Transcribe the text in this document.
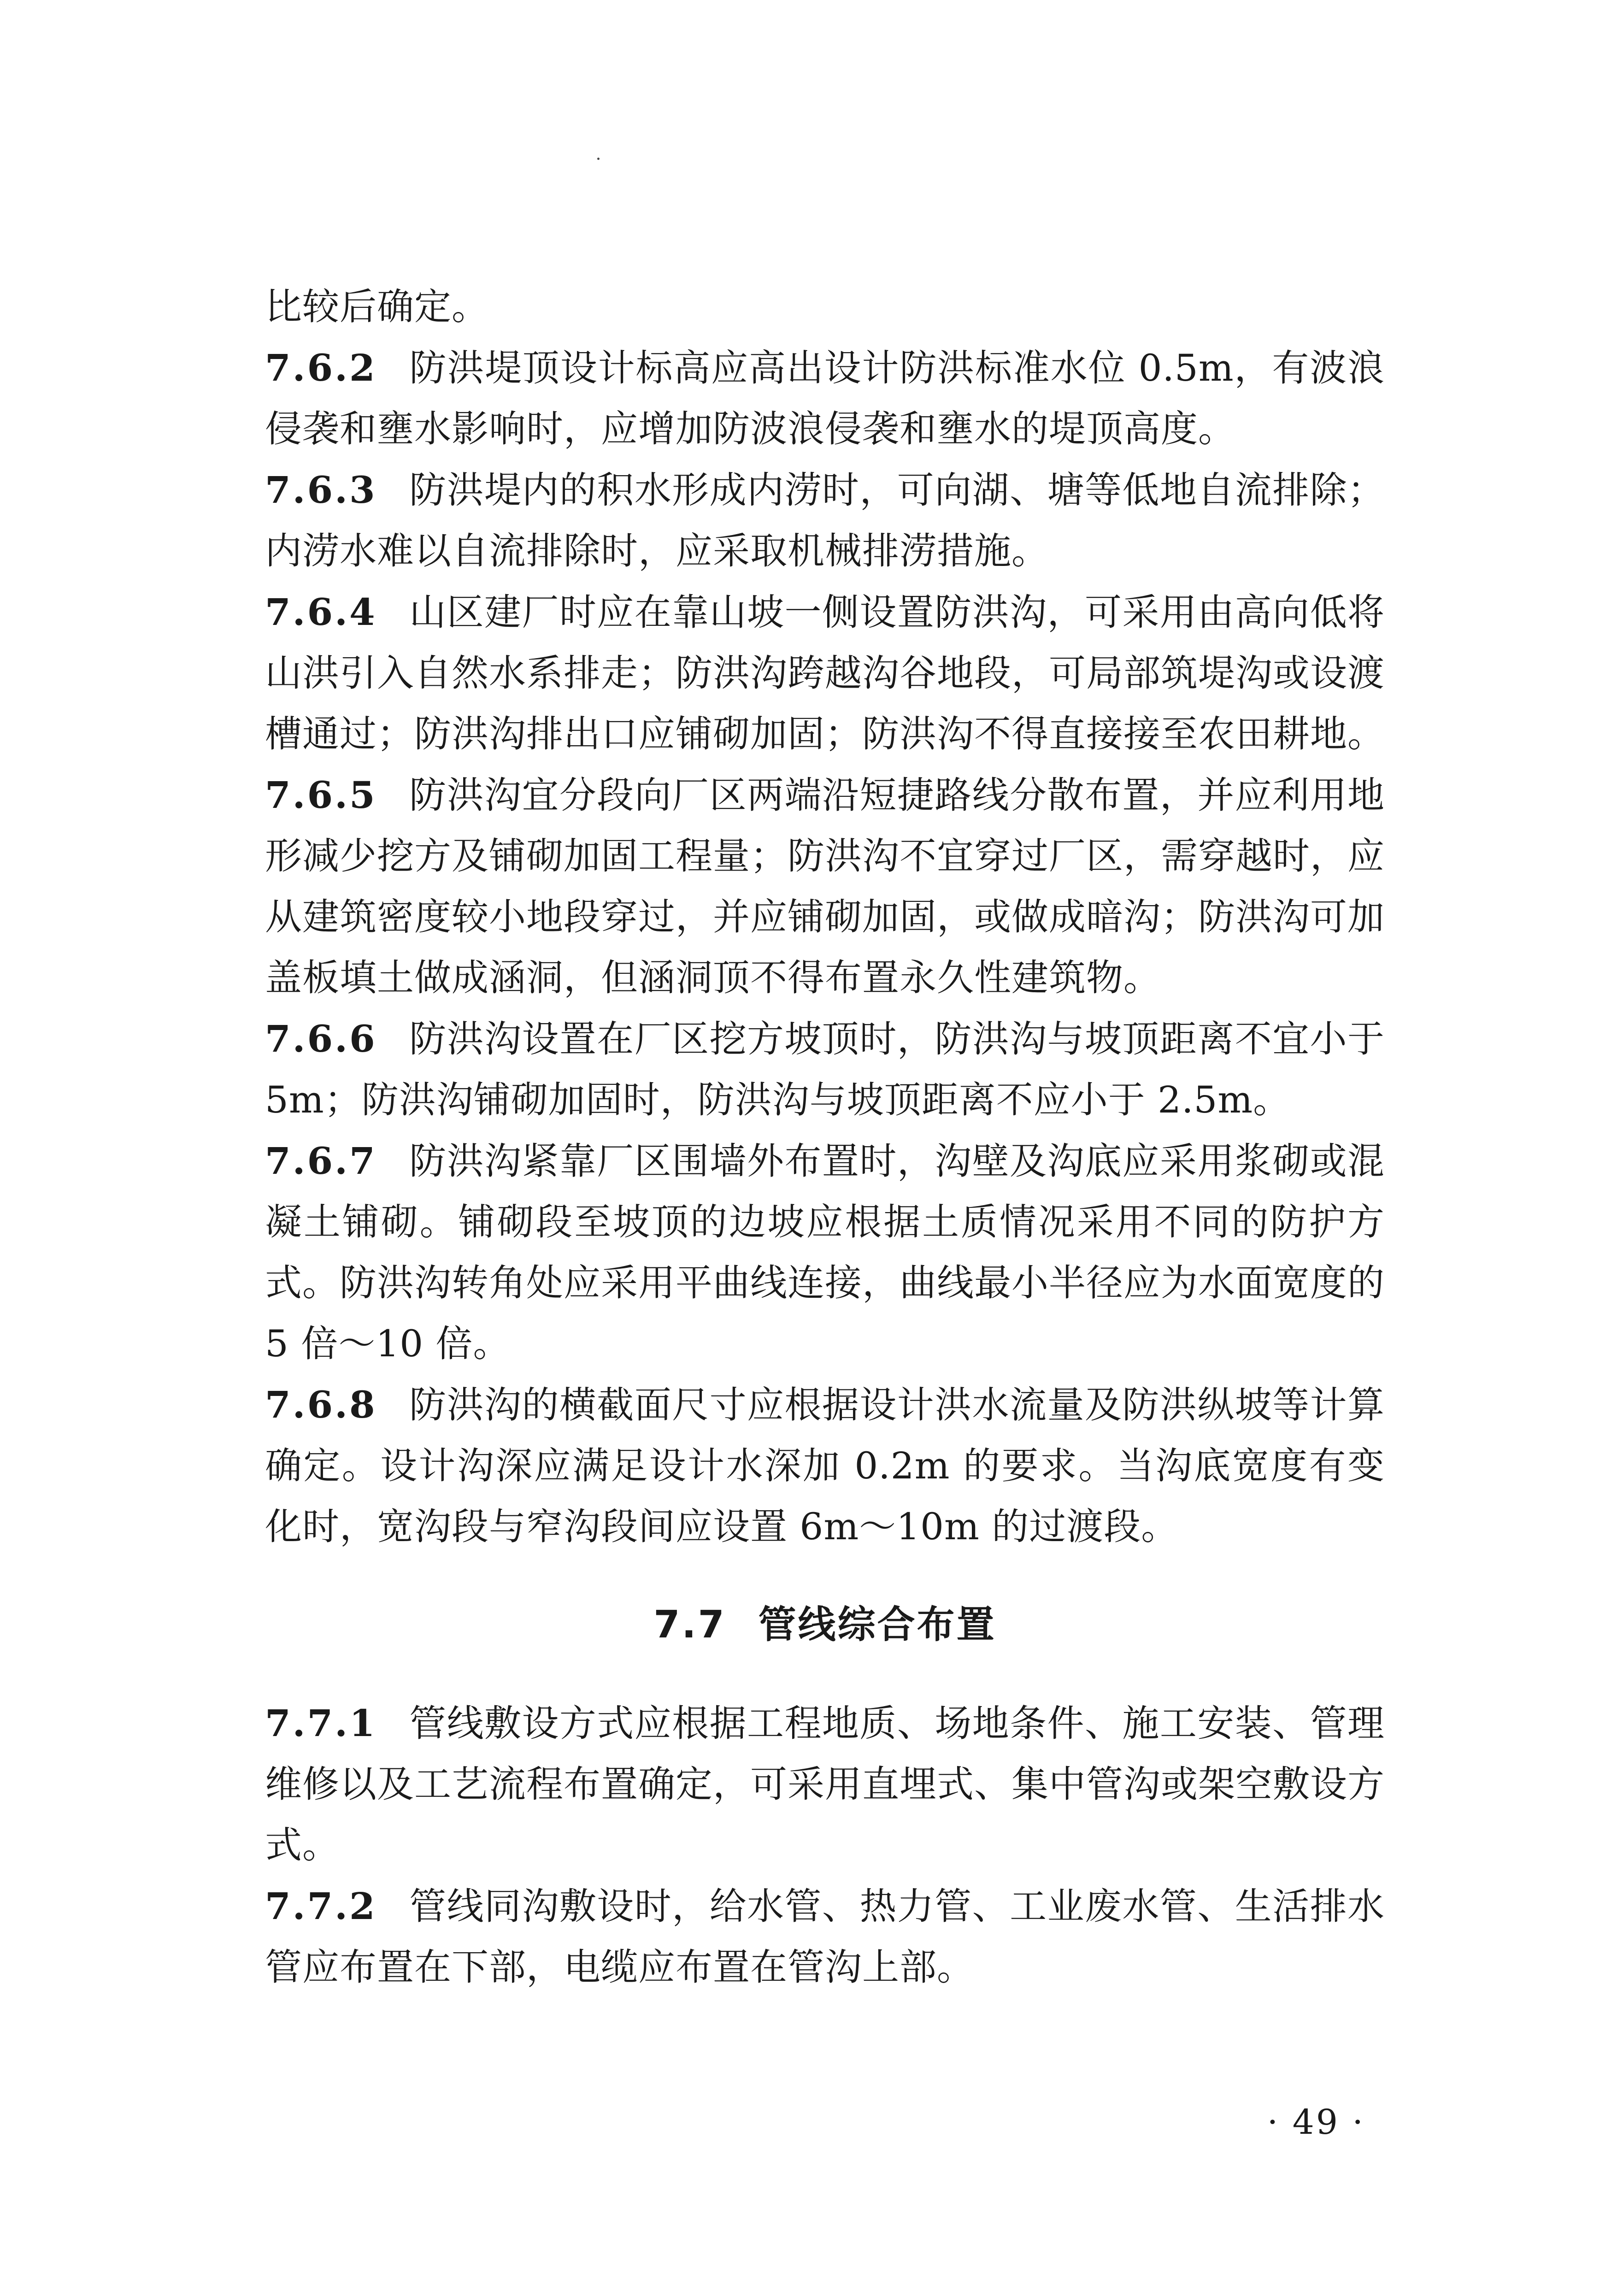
比较后确定。

7.6.2 防洪堤顶设计标高应高出设计防洪标准水位 0.5m，有波浪侵袭和壅水影响时，应增加防波浪侵袭和壅水的堤顶高度。

7.6.3 防洪堤内的积水形成内涝时，可向湖、塘等低地自流排除；内涝水难以自流排除时，应采取机械排涝措施。

7.6.4 山区建厂时应在靠山坡一侧设置防洪沟，可采用由高向低将山洪引入自然水系排走；防洪沟跨越沟谷地段，可局部筑堤沟或设渡槽通过；防洪沟排出口应铺砌加固；防洪沟不得直接接至农田耕地。

7.6.5 防洪沟宜分段向厂区两端沿短捷路线分散布置，并应利用地形减少挖方及铺砌加固工程量；防洪沟不宜穿过厂区，需穿越时，应从建筑密度较小地段穿过，并应铺砌加固，或做成暗沟；防洪沟可加盖板填土做成涵洞，但涵洞顶不得布置永久性建筑物。

7.6.6 防洪沟设置在厂区挖方坡顶时，防洪沟与坡顶距离不宜小于 5m；防洪沟铺砌加固时，防洪沟与坡顶距离不应小于 2.5m。

7.6.7 防洪沟紧靠厂区围墙外布置时，沟壁及沟底应采用浆砌或混凝土铺砌。铺砌段至坡顶的边坡应根据土质情况采用不同的防护方式。防洪沟转角处应采用平曲线连接，曲线最小半径应为水面宽度的 5 倍～10 倍。

7.6.8 防洪沟的横截面尺寸应根据设计洪水流量及防洪纵坡等计算确定。设计沟深应满足设计水深加 0.2m 的要求。当沟底宽度有变化时，宽沟段与窄沟段间应设置 6m～10m 的过渡段。

7.7 管线综合布置

7.7.1 管线敷设方式应根据工程地质、场地条件、施工安装、管理维修以及工艺流程布置确定，可采用直埋式、集中管沟或架空敷设方式。

7.7.2 管线同沟敷设时，给水管、热力管、工业废水管、生活排水管应布置在下部，电缆应布置在管沟上部。

· 49 ·
